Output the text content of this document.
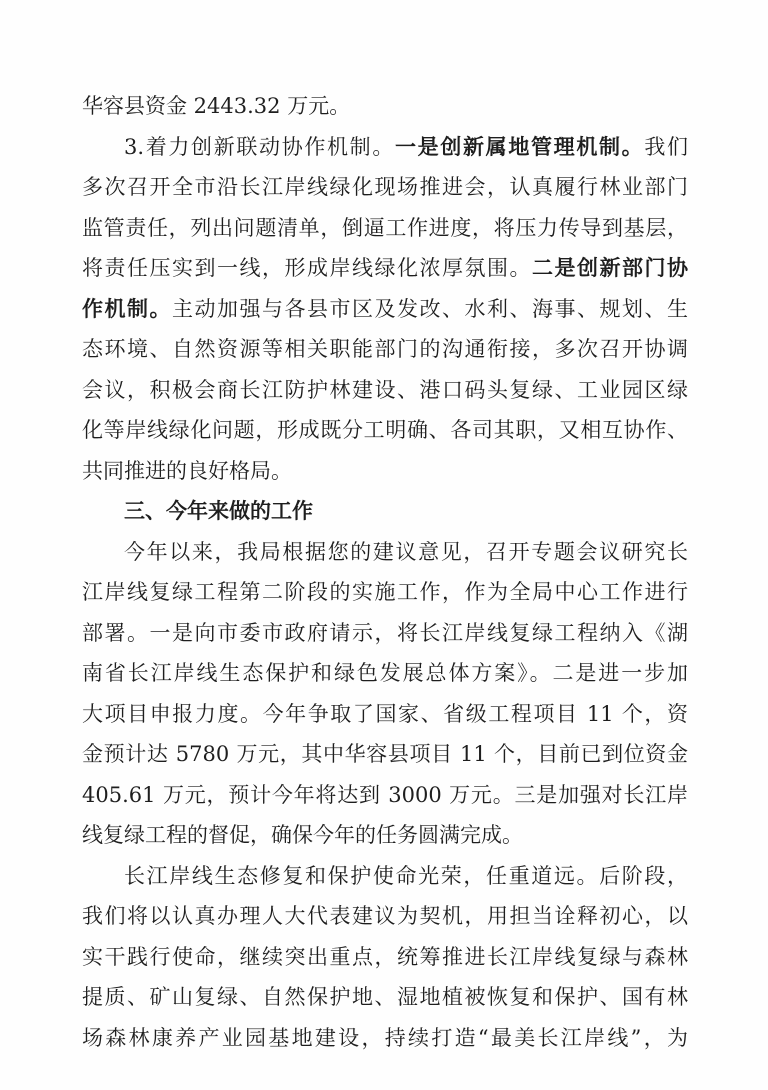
华容县资金 2443.32 万元。
3.着力创新联动协作机制。一是创新属地管理机制。我们
多次召开全市沿长江岸线绿化现场推进会，认真履行林业部门
监管责任，列出问题清单，倒逼工作进度，将压力传导到基层，
将责任压实到一线，形成岸线绿化浓厚氛围。二是创新部门协
作机制。主动加强与各县市区及发改、水利、海事、规划、生
态环境、自然资源等相关职能部门的沟通衔接，多次召开协调
会议，积极会商长江防护林建设、港口码头复绿、工业园区绿
化等岸线绿化问题，形成既分工明确、各司其职，又相互协作、
共同推进的良好格局。
三、今年来做的工作
今年以来，我局根据您的建议意见，召开专题会议研究长
江岸线复绿工程第二阶段的实施工作，作为全局中心工作进行
部署。一是向市委市政府请示，将长江岸线复绿工程纳入《湖
南省长江岸线生态保护和绿色发展总体方案》。二是进一步加
大项目申报力度。今年争取了国家、省级工程项目 11 个，资
金预计达 5780 万元，其中华容县项目 11 个，目前已到位资金
405.61 万元，预计今年将达到 3000 万元。三是加强对长江岸
线复绿工程的督促，确保今年的任务圆满完成。
长江岸线生态修复和保护使命光荣，任重道远。后阶段，
我们将以认真办理人大代表建议为契机，用担当诠释初心，以
实干践行使命，继续突出重点，统筹推进长江岸线复绿与森林
提质、矿山复绿、自然保护地、湿地植被恢复和保护、国有林
场森林康养产业园基地建设，持续打造“最美长江岸线”，为
